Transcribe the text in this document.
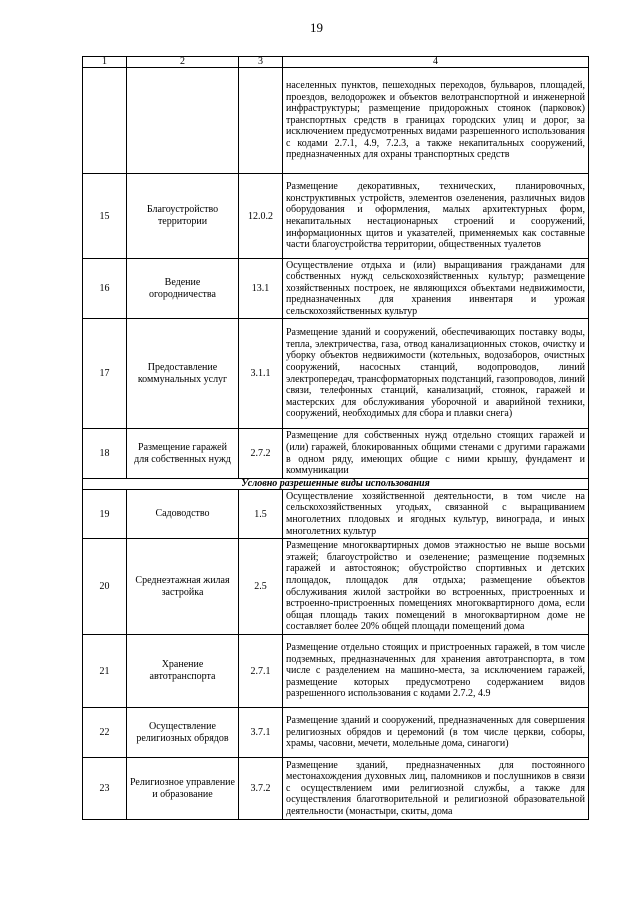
19
1	2	3	4
			населенных пунктов, пешеходных переходов, бульваров, площадей, проездов, велодорожек и объектов велотранспортной и инженерной инфраструктуры; размещение придорожных стоянок (парковок) транспортных средств в границах городских улиц и дорог, за исключением предусмотренных видами разрешенного использования с кодами 2.7.1, 4.9, 7.2.3, а также некапитальных сооружений, предназначенных для охраны транспортных средств
15	Благоустройство территории	12.0.2	Размещение декоративных, технических, планировочных, конструктивных устройств, элементов озеленения, различных видов оборудования и оформления, малых архитектурных форм, некапитальных нестационарных строений и сооружений, информационных щитов и указателей, применяемых как составные части благоустройства территории, общественных туалетов
16	Ведение огородничества	13.1	Осуществление отдыха и (или) выращивания гражданами для собственных нужд сельскохозяйственных культур; размещение хозяйственных построек, не являющихся объектами недвижимости, предназначенных для хранения инвентаря и урожая сельскохозяйственных культур
17	Предоставление коммунальных услуг	3.1.1	Размещение зданий и сооружений, обеспечивающих поставку воды, тепла, электричества, газа, отвод канализационных стоков, очистку и уборку объектов недвижимости (котельных, водозаборов, очистных сооружений, насосных станций, водопроводов, линий электропередач, трансформаторных подстанций, газопроводов, линий связи, телефонных станций, канализаций, стоянок, гаражей и мастерских для обслуживания уборочной и аварийной техники, сооружений, необходимых для сбора и плавки снега)
18	Размещение гаражей для собственных нужд	2.7.2	Размещение для собственных нужд отдельно стоящих гаражей и (или) гаражей, блокированных общими стенами с другими гаражами в одном ряду, имеющих общие с ними крышу, фундамент и коммуникации
Условно разрешенные виды использования			
19	Садоводство	1.5	Осуществление хозяйственной деятельности, в том числе на сельскохозяйственных угодьях, связанной с выращиванием многолетних плодовых и ягодных культур, винограда, и иных многолетних культур
20	Среднеэтажная жилая застройка	2.5	Размещение многоквартирных домов этажностью не выше восьми этажей; благоустройство и озеленение; размещение подземных гаражей и автостоянок; обустройство спортивных и детских площадок, площадок для отдыха; размещение объектов обслуживания жилой застройки во встроенных, пристроенных и встроенно-пристроенных помещениях многоквартирного дома, если общая площадь таких помещений в многоквартирном доме не составляет более 20% общей площади помещений дома
21	Хранение автотранспорта	2.7.1	Размещение отдельно стоящих и пристроенных гаражей, в том числе подземных, предназначенных для хранения автотранспорта, в том числе с разделением на машино-места, за исключением гаражей, размещение которых предусмотрено содержанием видов разрешенного использования с кодами 2.7.2, 4.9
22	Осуществление религиозных обрядов	3.7.1	Размещение зданий и сооружений, предназначенных для совершения религиозных обрядов и церемоний (в том числе церкви, соборы, храмы, часовни, мечети, молельные дома, синагоги)
23	Религиозное управление и образование	3.7.2	Размещение зданий, предназначенных для постоянного местонахождения духовных лиц, паломников и послушников в связи с осуществлением ими религиозной службы, а также для осуществления благотворительной и религиозной образовательной деятельности (монастыри, скиты, дома
